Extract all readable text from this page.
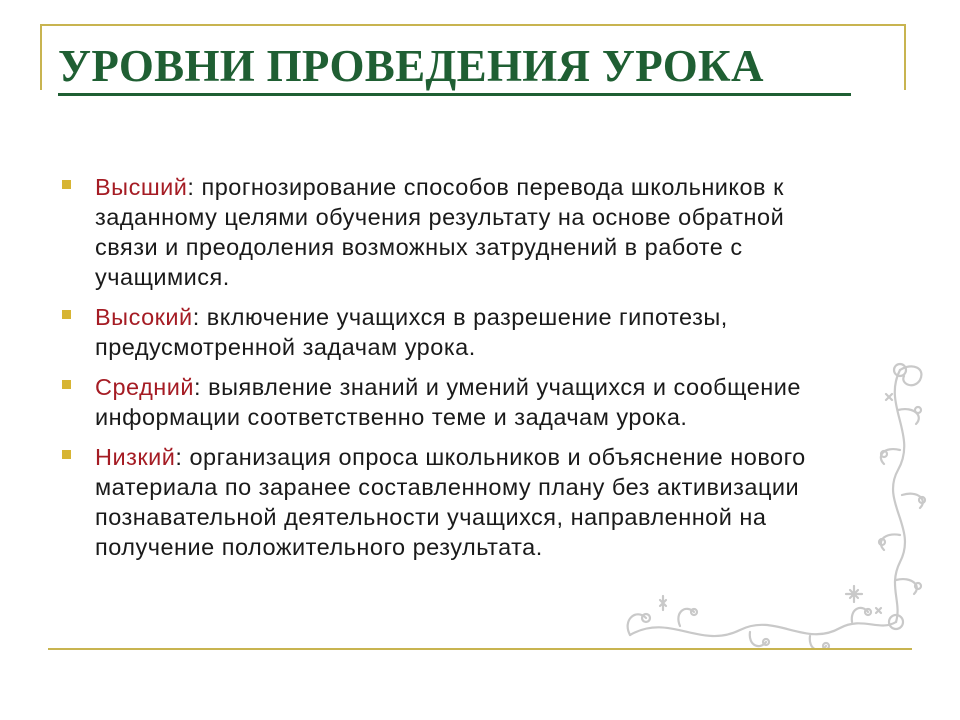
УРОВНИ ПРОВЕДЕНИЯ УРОКА
Высший: прогнозирование способов перевода школьников к заданному целями обучения результату на основе обратной связи и преодоления возможных затруднений в работе с учащимися.
Высокий: включение учащихся в разрешение гипотезы, предусмотренной задачам урока.
Средний: выявление знаний и умений учащихся и сообщение информации соответственно теме и задачам урока.
Низкий: организация опроса школьников и объяснение нового материала по заранее составленному плану без активизации познавательной деятельности учащихся, направленной на получение положительного результата.
